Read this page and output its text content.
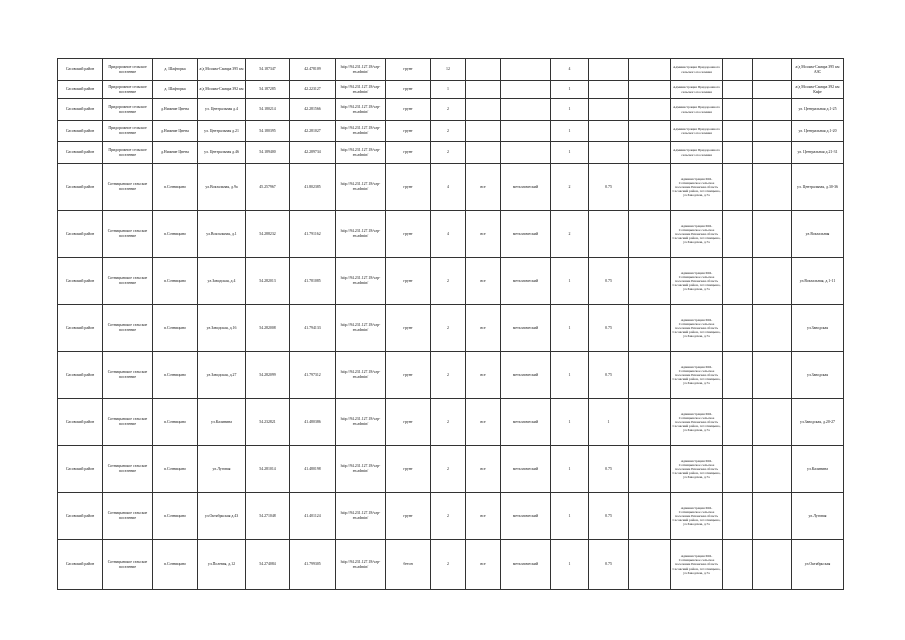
Сасовский район	Придорожное сельское поселение	д. Шафторка	а/д Москва-Самара 395 км	54.187347	42.478109	http://94.231.127.18/vzp-en.admin/	грунт	12			4			Администрация Придорожного сельского поселения			а/д Москва-Самара 395 км АЗС
Сасовский район	Придорожное сельское поселение	д. Шафторка	а/д Москва-Самара 392 км	54.187285	42.223127	http://94.231.127.18/vzp-en.admin/	грунт	1			1			Администрация Придорожного сельского поселения			а/д Москва-Самара 392 км Кафе
Сасовский район	Придорожное сельское поселение	д.Нижние Цветы	ул. Центральная д.4	54.180214	42.281566	http://94.231.127.18/vzp-en.admin/	грунт	2			1			Администрация Придорожного сельского поселения			ул. Центральная д.1-25
Сасовский район	Придорожное сельское поселение	д.Нижние Цветы	ул. Центральная д.21	54.180395	42.281027	http://94.231.127.18/vzp-en.admin/	грунт	2			1			Администрация Придорожного сельского поселения			ул. Центральная д.1-20
Сасовский район	Придорожное сельское поселение	д.Нижние Цветы	ул. Центральная д.46	54.189400	42.289734	http://94.231.127.18/vzp-en.admin/	грунт	2			1			Администрация Придорожного сельского поселения			ул. Центральная д.21-31
Сасовский район	Сотницынское сельское поселение	п.Сотницыно	ул.Вокзальная, д.9а	45.257967	41.802385	http://94.231.127.18/vzp-en.admin/	грунт	4	все	металлический	2	0.75		Администрация МО-Сотницынское сельское поселение Рязанская область Сасовский район, п.Сотницыно, ул.Заводская, д.7а			ул. Центральная, д.30-36
Сасовский район	Сотницынское сельское поселение	п.Сотницыно	ул.Вокзальная, д.1	54.288232	41.791162	http://94.231.127.18/vzp-en.admin/	грунт	4	все	металлический	2			Администрация МО-Сотницынское сельское поселение Рязанская область Сасовский район, п.Сотницыно, ул.Заводская, д.7а			ул.Вокзальная
Сасовский район	Сотницынское сельское поселение	п.Сотницыно	ул.Заводская, д.4	54.282013	41.781085	http://94.231.127.18/vzp-en.admin/	грунт	2	все	металлический	1	0.75		Администрация МО-Сотницынское сельское поселение Рязанская область Сасовский район, п.Сотницыно, ул.Заводская, д.7а			ул.Вокзальная, д.1-11
Сасовский район	Сотницынское сельское поселение	п.Сотницыно	ул.Заводская, д.16	54.282008	41.794133	http://94.231.127.18/vzp-en.admin/	грунт	2	все	металлический	1	0.75		Администрация МО-Сотницынское сельское поселение Рязанская область Сасовский район, п.Сотницыно, ул.Заводская, д.7а			ул.Заводская
Сасовский район	Сотницынское сельское поселение	п.Сотницыно	ул.Заводская, д.27	54.282099	41.797312	http://94.231.127.18/vzp-en.admin/	грунт	2	все	металлический	1	0.75		Администрация МО-Сотницынское сельское поселение Рязанская область Сасовский район, п.Сотницыно, ул.Заводская, д.7а			ул.Заводская
Сасовский район	Сотницынское сельское поселение	п.Сотницыно	ул.Калинина	54.232821	41.480386	http://94.231.127.18/vzp-en.admin/	грунт	2	все	металлический	1	1		Администрация МО-Сотницынское сельское поселение Рязанская область Сасовский район, п.Сотницыно, ул.Заводская, д.7а			ул.Заводская, д.20-27
Сасовский район	Сотницынское сельское поселение	п.Сотницыно	ул.Луговая	54.281014	41.480198	http://94.231.127.18/vzp-en.admin/	грунт	2	все	металлический	1	0.75		Администрация МО-Сотницынское сельское поселение Рязанская область Сасовский район, п.Сотницыно, ул.Заводская, д.7а			ул.Калинина
Сасовский район	Сотницынское сельское поселение	п.Сотницыно	ул.Октябрьская д.43	54.271048	41.401124	http://94.231.127.18/vzp-en.admin/	грунт	2	все	металлический	1	0.75		Администрация МО-Сотницынское сельское поселение Рязанская область Сасовский район, п.Сотницыно, ул.Заводская, д.7а			ул.Луговая
Сасовский район	Сотницынское сельское поселение	п.Сотницыно	ул.Полевая, д.12	54.274084	41.799305	http://94.231.127.18/vzp-en.admin/	бетон	2	все	металлический	1	0.75		Администрация МО-Сотницынское сельское поселение Рязанская область Сасовский район, п.Сотницыно, ул.Заводская, д.7а			ул.Октябрьская
